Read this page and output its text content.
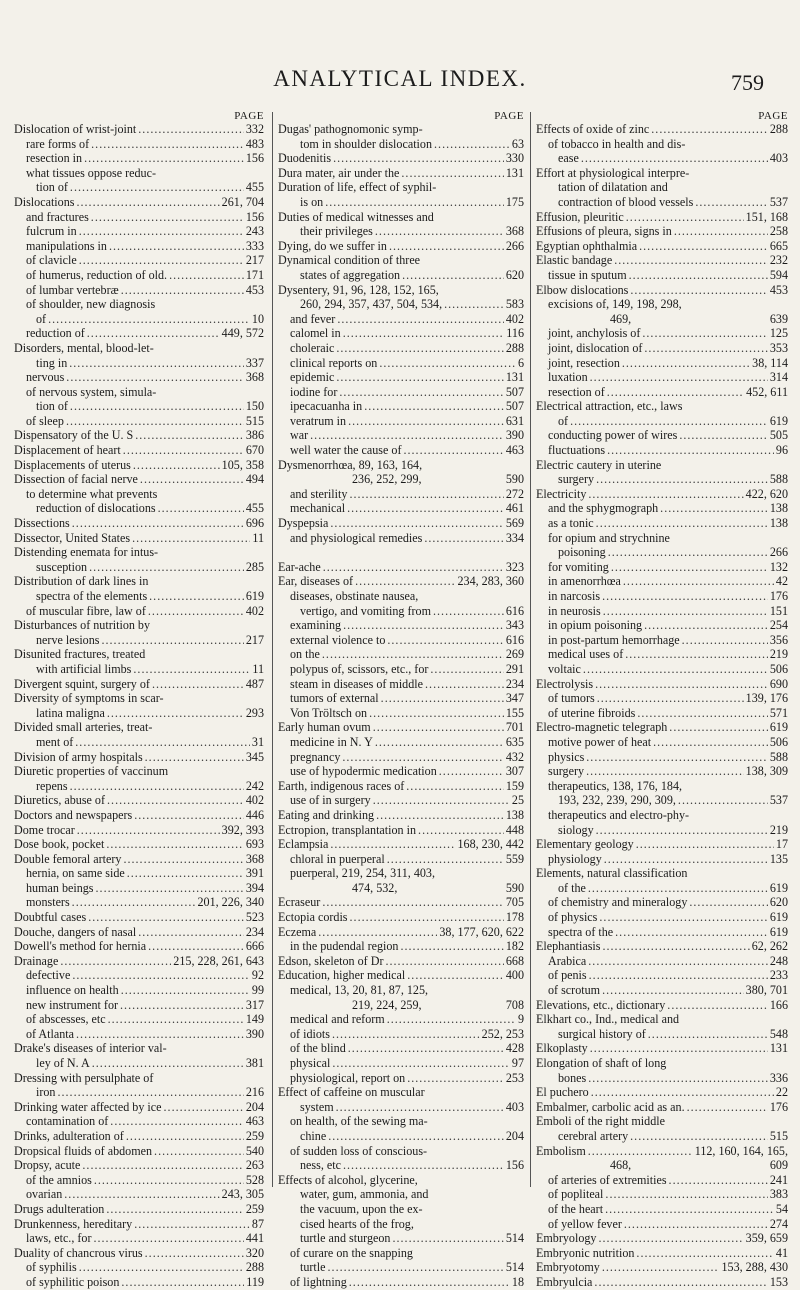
ANALYTICAL INDEX.	759
PAGE
Dislocation of wrist-joint .....	332
rare forms of .....	483
resection in .....	156
what tissues oppose reduc-
tion of .....	455
Dislocations .....	261, 704
and fractures .....	156
fulcrum in .....	243
manipulations in .....	333
of clavicle .....	217
of humerus, reduction of old. .....	171
of lumbar vertebræ .....	453
of shoulder, new diagnosis
of .....	10
reduction of .....	449, 572
Disorders, mental, blood-let-
ting in .....	337
nervous .....	368
of nervous system, simula-
tion of .....	150
of sleep .....	515
Dispensatory of the U. S .....	386
Displacement of heart .....	670
Displacements of uterus .....	105, 358
Dissection of facial nerve .....	494
to determine what prevents
reduction of dislocations .....	455
Dissections .....	696
Dissector, United States .....	11
Distending enemata for intus-
susception .....	285
Distribution of dark lines in
spectra of the elements .....	619
of muscular fibre, law of .....	402
Disturbances of nutrition by
nerve lesions .....	217
Disunited fractures, treated
with artificial limbs .....	11
Divergent squint, surgery of .....	487
Diversity of symptoms in scar-
latina maligna .....	293
Divided small arteries, treat-
ment of .....	31
Division of army hospitals .....	345
Diuretic properties of vaccinum
repens .....	242
Diuretics, abuse of .....	402
Doctors and newspapers .....	446
Dome trocar .....	392, 393
Dose book, pocket .....	693
Double femoral artery .....	368
hernia, on same side .....	391
human beings .....	394
monsters .....	201, 226, 340
Doubtful cases .....	523
Douche, dangers of nasal .....	234
Dowell's method for hernia .....	666
Drainage .....	215, 228, 261, 643
defective .....	92
influence on health .....	99
new instrument for .....	317
of abscesses, etc .....	149
of Atlanta .....	390
Drake's diseases of interior val-
ley of N. A .....	381
Dressing with persulphate of
iron .....	216
Drinking water affected by ice .....	204
contamination of .....	463
Drinks, adulteration of .....	259
Dropsical fluids of abdomen .....	540
Dropsy, acute .....	263
of the amnios .....	528
ovarian .....	243, 305
Drugs adulteration .....	259
Drunkenness, hereditary .....	87
laws, etc., for .....	441
Duality of chancrous virus .....	320
of syphilis .....	288
of syphilitic poison .....	119
PAGE
Dugas' pathognomonic symp-
tom in shoulder dislocation .....	63
Duodenitis .....	330
Dura mater, air under the .....	131
Duration of life, effect of syphil-
is on .....	175
Duties of medical witnesses and
their privileges .....	368
Dying, do we suffer in .....	266
Dynamical condition of three
states of aggregation .....	620
Dysentery, 91, 96, 128, 152, 165,
260, 294, 357, 437, 504, 534, .....	583
and fever .....	402
calomel in .....	116
choleraic .....	288
clinical reports on .....	6
epidemic .....	131
iodine for .....	507
ipecacuanha in .....	507
veratrum in .....	631
war .....	390
well water the cause of .....	463
Dysmenorrhœa, 89, 163, 164,
236, 252, 299,	590
and sterility .....	272
mechanical .....	461
Dyspepsia .....	569
and physiological remedies .....	334
Ear-ache .....	323
Ear, diseases of .....	234, 283, 360
diseases, obstinate nausea,
vertigo, and vomiting from .....	616
examining .....	343
external violence to .....	616
on the .....	269
polypus of, scissors, etc., for .....	291
steam in diseases of middle .....	234
tumors of external .....	347
Von Tröltsch on .....	155
Early human ovum .....	701
medicine in N. Y .....	635
pregnancy .....	432
use of hypodermic medication .....	307
Earth, indigenous races of .....	159
use of in surgery .....	25
Eating and drinking .....	138
Ectropion, transplantation in .....	448
Eclampsia .....	168, 230, 442
chloral in puerperal .....	559
puerperal, 219, 254, 311, 403,
474, 532,	590
Ecraseur .....	705
Ectopia cordis .....	178
Eczema .....	38, 177, 620, 622
in the pudendal region .....	182
Edson, skeleton of Dr .....	668
Education, higher medical .....	400
medical, 13, 20, 81, 87, 125,
219, 224, 259,	708
medical and reform .....	9
of idiots .....	252, 253
of the blind .....	428
physical .....	97
physiological, report on .....	253
Effect of caffeine on muscular
system .....	403
on health, of the sewing ma-
chine .....	204
of sudden loss of conscious-
ness, etc .....	156
Effects of alcohol, glycerine,
water, gum, ammonia, and
the vacuum, upon the ex-
cised hearts of the frog,
turtle and sturgeon .....	514
of curare on the snapping
turtle .....	514
of lightning .....	18
PAGE
Effects of oxide of zinc .....	288
of tobacco in health and dis-
ease .....	403
Effort at physiological interpre-
tation of dilatation and
contraction of blood vessels .....	537
Effusion, pleuritic .....	151, 168
Effusions of pleura, signs in .....	258
Egyptian ophthalmia .....	665
Elastic bandage .....	232
tissue in sputum .....	594
Elbow dislocations .....	453
excisions of, 149, 198, 298,
469,	639
joint, anchylosis of .....	125
joint, dislocation of .....	353
joint, resection .....	38, 114
luxation .....	314
resection of .....	452, 611
Electrical attraction, etc., laws
of .....	619
conducting power of wires .....	505
fluctuations .....	96
Electric cautery in uterine
surgery .....	588
Electricity .....	422, 620
and the sphygmograph .....	138
as a tonic .....	138
for opium and strychnine
poisoning .....	266
for vomiting .....	132
in amenorrhœa .....	42
in narcosis .....	176
in neurosis .....	151
in opium poisoning .....	254
in post-partum hemorrhage .....	356
medical uses of .....	219
voltaic .....	506
Electrolysis .....	690
of tumors .....	139, 176
of uterine fibroids .....	571
Electro-magnetic telegraph .....	619
motive power of heat .....	506
physics .....	588
surgery .....	138, 309
therapeutics, 138, 176, 184,
193, 232, 239, 290, 309, .....	537
therapeutics and electro-phy-
siology .....	219
Elementary geology .....	17
physiology .....	135
Elements, natural classification
of the .....	619
of chemistry and mineralogy .....	620
of physics .....	619
spectra of the .....	619
Elephantiasis .....	62, 262
Arabica .....	248
of penis .....	233
of scrotum .....	380, 701
Elevations, etc., dictionary .....	166
Elkhart co., Ind., medical and
surgical history of .....	548
Elkoplasty .....	131
Elongation of shaft of long
bones .....	336
El puchero .....	22
Embalmer, carbolic acid as an. .....	176
Emboli of the right middle
cerebral artery .....	515
Embolism .....	112, 160, 164, 165,
468,	609
of arteries of extremities .....	241
of popliteal .....	383
of the heart .....	54
of yellow fever .....	274
Embryology .....	359, 659
Embryonic nutrition .....	41
Embryotomy .....	153, 288, 430
Embryulcia .....	153
